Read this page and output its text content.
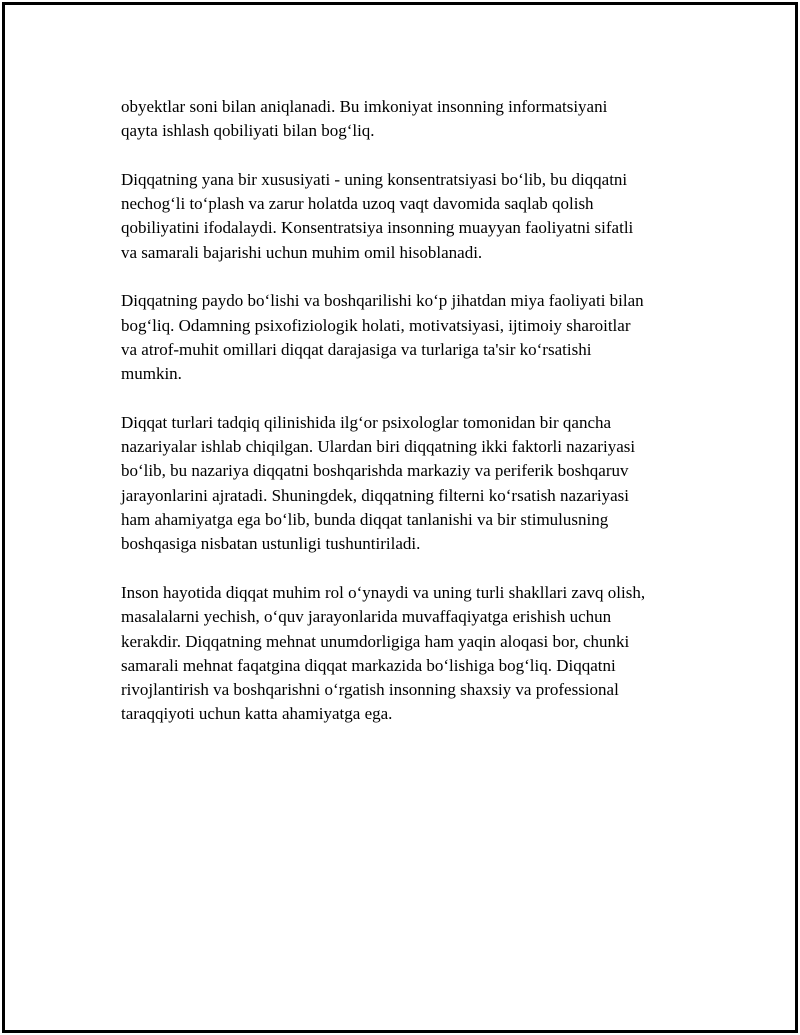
obyektlar soni bilan aniqlanadi. Bu imkoniyat insonning informatsiyani
qayta ishlash qobiliyati bilan bog‘liq.

Diqqatning yana bir xususiyati - uning konsentratsiyasi bo‘lib, bu diqqatni
nechog‘li to‘plash va zarur holatda uzoq vaqt davomida saqlab qolish
qobiliyatini ifodalaydi. Konsentratsiya insonning muayyan faoliyatni sifatli
va samarali bajarishi uchun muhim omil hisoblanadi.

Diqqatning paydo bo‘lishi va boshqarilishi ko‘p jihatdan miya faoliyati bilan
bog‘liq. Odamning psixofiziologik holati, motivatsiyasi, ijtimoiy sharoitlar
va atrof-muhit omillari diqqat darajasiga va turlariga ta'sir ko‘rsatishi
mumkin.

Diqqat turlari tadqiq qilinishida ilg‘or psixologlar tomonidan bir qancha
nazariyalar ishlab chiqilgan. Ulardan biri diqqatning ikki faktorli nazariyasi
bo‘lib, bu nazariya diqqatni boshqarishda markaziy va periferik boshqaruv
jarayonlarini ajratadi. Shuningdek, diqqatning filterni ko‘rsatish nazariyasi
ham ahamiyatga ega bo‘lib, bunda diqqat tanlanishi va bir stimulusning
boshqasiga nisbatan ustunligi tushuntiriladi.

Inson hayotida diqqat muhim rol o‘ynaydi va uning turli shakllari zavq olish,
masalalarni yechish, o‘quv jarayonlarida muvaffaqiyatga erishish uchun
kerakdir. Diqqatning mehnat unumdorligiga ham yaqin aloqasi bor, chunki
samarali mehnat faqatgina diqqat markazida bo‘lishiga bog‘liq. Diqqatni
rivojlantirish va boshqarishni o‘rgatish insonning shaxsiy va professional
taraqqiyoti uchun katta ahamiyatga ega.
